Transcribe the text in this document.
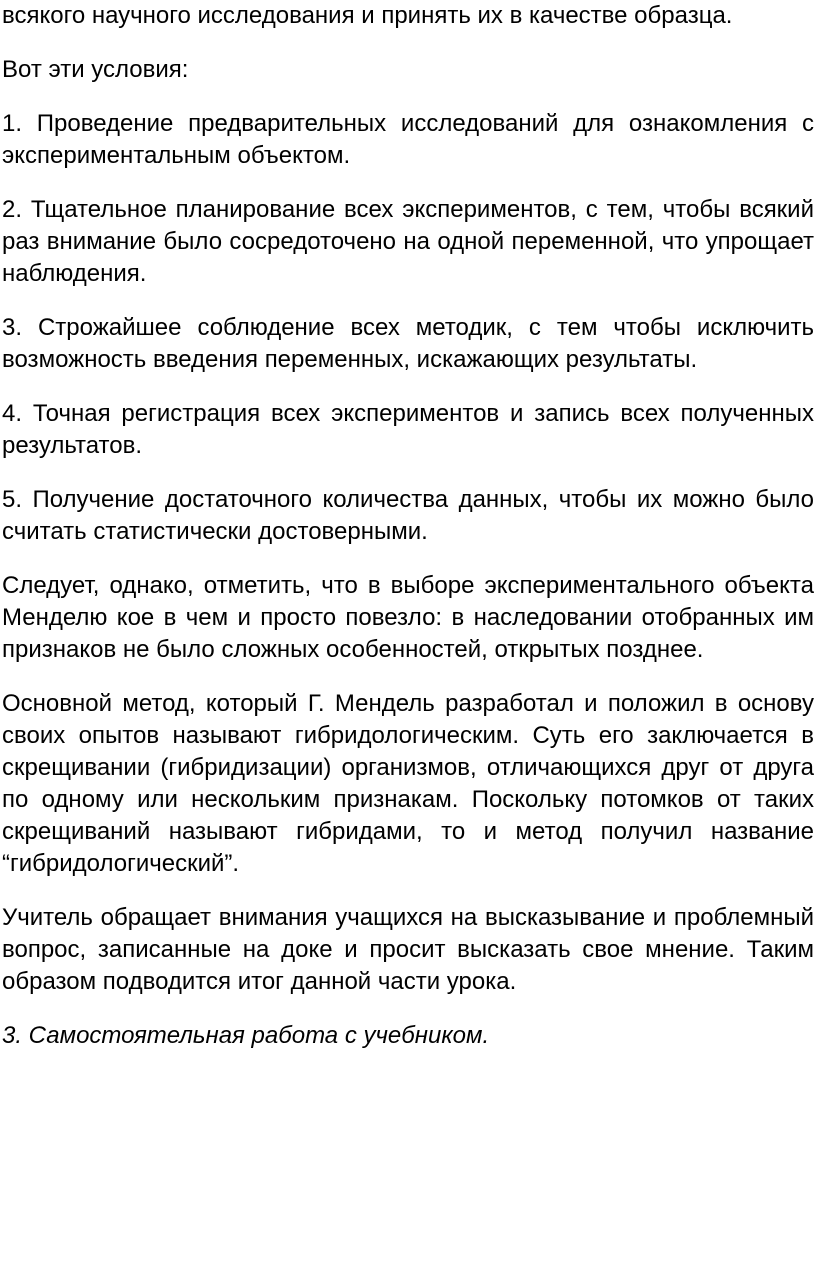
всякого научного исследования и принять их в качестве образца.

Вот эти условия:

1. Проведение предварительных исследований для ознакомления с экспериментальным объектом.

2. Тщательное планирование всех экспериментов, с тем, чтобы всякий раз внимание было сосредоточено на одной переменной, что упрощает наблюдения.

3. Строжайшее соблюдение всех методик, с тем чтобы исключить возможность введения переменных, искажающих результаты.

4. Точная регистрация всех экспериментов и запись всех полученных результатов.

5. Получение достаточного количества данных, чтобы их можно было считать статистически достоверными.

Следует, однако, отметить, что в выборе экспериментального объекта Менделю кое в чем и просто повезло: в наследовании отобранных им признаков не было сложных особенностей, открытых позднее.

Основной метод, который Г. Мендель разработал и положил в основу своих опытов называют гибридологическим. Суть его заключается в скрещивании (гибридизации) организмов, отличающихся друг от друга по одному или нескольким признакам. Поскольку потомков от таких скрещиваний называют гибридами, то и метод получил название “гибридологический”.

Учитель обращает внимания учащихся на высказывание и проблемный вопрос, записанные на доке и просит высказать свое мнение. Таким образом подводится итог данной части урока.

3. Самостоятельная работа с учебником.
